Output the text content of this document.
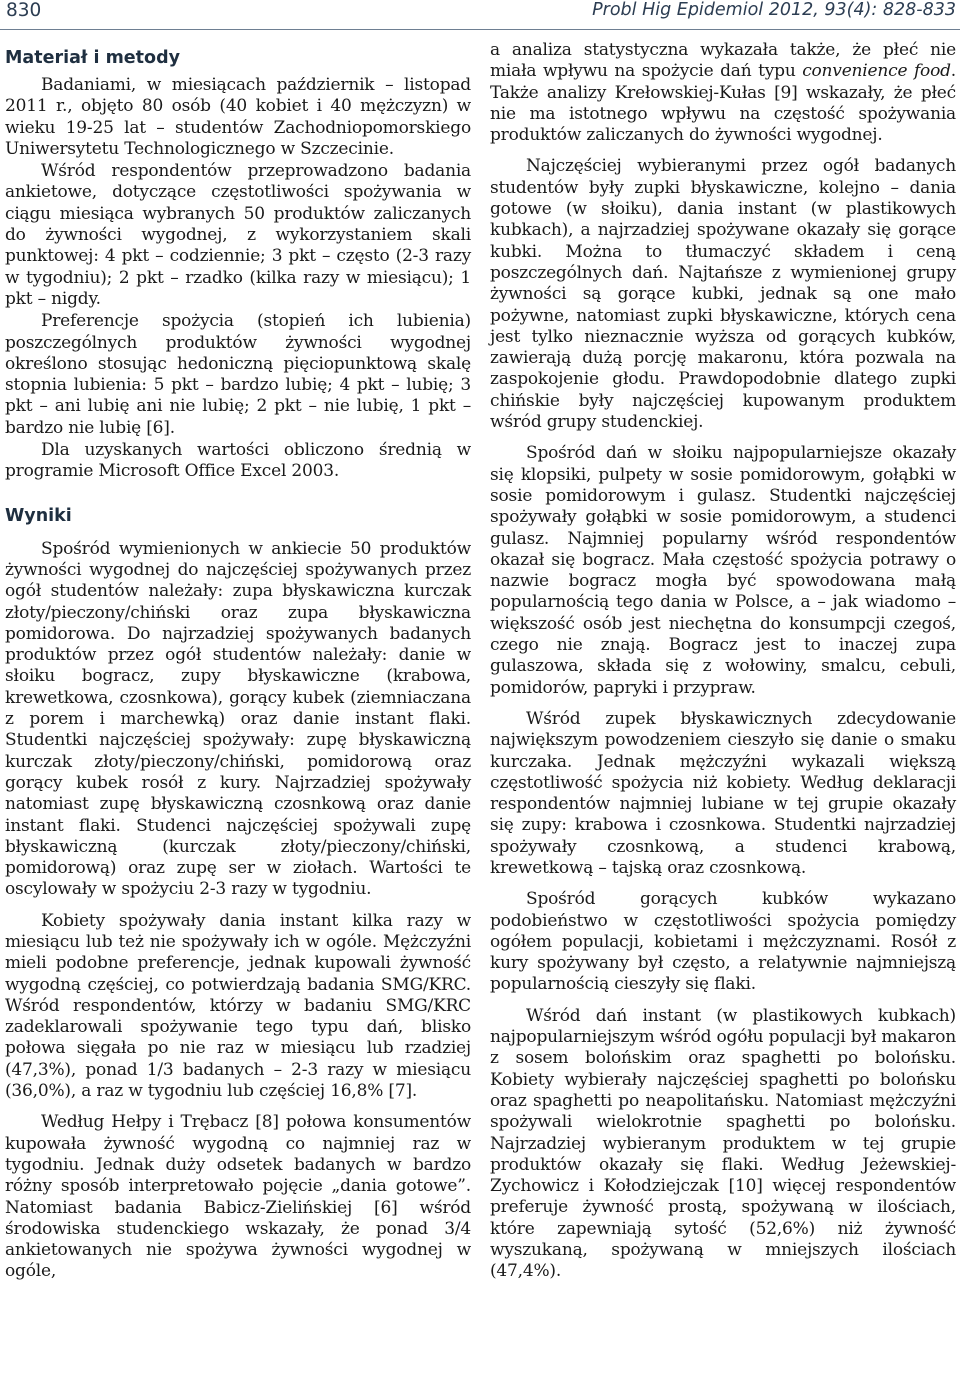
830	Probl Hig Epidemiol 2012, 93(4): 828-833
Materiał i metody

Badaniami, w miesiącach październik – listopad 2011 r., objęto 80 osób (40 kobiet i 40 mężczyzn) w wieku 19-25 lat – studentów Zachodniopomorskiego Uniwersytetu Technologicznego w Szczecinie.

Wśród respondentów przeprowadzono badania ankietowe, dotyczące częstotliwości spożywania w ciągu miesiąca wybranych 50 produktów zaliczanych do żywności wygodnej, z wykorzystaniem skali punktowej: 4 pkt – codziennie; 3 pkt – często (2-3 razy w tygodniu); 2 pkt – rzadko (kilka razy w miesiącu); 1 pkt – nigdy.

Preferencje spożycia (stopień ich lubienia) poszczególnych produktów żywności wygodnej określono stosując hedoniczną pięciopunktową skalę stopnia lubienia: 5 pkt – bardzo lubię; 4 pkt – lubię; 3 pkt – ani lubię ani nie lubię; 2 pkt – nie lubię, 1 pkt – bardzo nie lubię [6].

Dla uzyskanych wartości obliczono średnią w programie Microsoft Office Excel 2003.

Wyniki

Spośród wymienionych w ankiecie 50 produktów żywności wygodnej do najczęściej spożywanych przez ogół studentów należały: zupa błyskawiczna kurczak złoty/pieczony/chiński oraz zupa błyskawiczna pomidorowa. Do najrzadziej spożywanych badanych produktów przez ogół studentów należały: danie w słoiku bogracz, zupy błyskawiczne (krabowa, krewetkowa, czosnkowa), gorący kubek (ziemniaczana z porem i marchewką) oraz danie instant flaki. Studentki najczęściej spożywały: zupę błyskawiczną kurczak złoty/pieczony/chiński, pomidorową oraz gorący kubek rosół z kury. Najrzadziej spożywały natomiast zupę błyskawiczną czosnkową oraz danie instant flaki. Studenci najczęściej spożywali zupę błyskawiczną (kurczak złoty/pieczony/chiński, pomidorową) oraz zupę ser w ziołach. Wartości te oscylowały w spożyciu 2-3 razy w tygodniu.

Kobiety spożywały dania instant kilka razy w miesiącu lub też nie spożywały ich w ogóle. Mężczyźni mieli podobne preferencje, jednak kupowali żywność wygodną częściej, co potwierdzają badania SMG/KRC. Wśród respondentów, którzy w badaniu SMG/KRC zadeklarowali spożywanie tego typu dań, blisko połowa sięgała po nie raz w miesiącu lub rzadziej (47,3%), ponad 1/3 badanych – 2-3 razy w miesiącu (36,0%), a raz w tygodniu lub częściej 16,8% [7].

Według Hełpy i Trębacz [8] połowa konsumentów kupowała żywność wygodną co najmniej raz w tygodniu. Jednak duży odsetek badanych w bardzo różny sposób interpretowało pojęcie „dania gotowe”. Natomiast badania Babicz-Zielińskiej [6] wśród środowiska studenckiego wskazały, że ponad 3/4 ankietowanych nie spożywa żywności wygodnej w ogóle,

a analiza statystyczna wykazała także, że płeć nie miała wpływu na spożycie dań typu convenience food. Także analizy Krełowskiej-Kułas [9] wskazały, że płeć nie ma istotnego wpływu na częstość spożywania produktów zaliczanych do żywności wygodnej.

Najczęściej wybieranymi przez ogół badanych studentów były zupki błyskawiczne, kolejno – dania gotowe (w słoiku), dania instant (w plastikowych kubkach), a najrzadziej spożywane okazały się gorące kubki. Można to tłumaczyć składem i ceną poszczególnych dań. Najtańsze z wymienionej grupy żywności są gorące kubki, jednak są one mało pożywne, natomiast zupki błyskawiczne, których cena jest tylko nieznacznie wyższa od gorących kubków, zawierają dużą porcję makaronu, która pozwala na zaspokojenie głodu. Prawdopodobnie dlatego zupki chińskie były najczęściej kupowanym produktem wśród grupy studenckiej.

Spośród dań w słoiku najpopularniejsze okazały się klopsiki, pulpety w sosie pomidorowym, gołąbki w sosie pomidorowym i gulasz. Studentki najczęściej spożywały gołąbki w sosie pomidorowym, a studenci gulasz. Najmniej popularny wśród respondentów okazał się bogracz. Mała częstość spożycia potrawy o nazwie bogracz mogła być spowodowana małą popularnością tego dania w Polsce, a – jak wiadomo – większość osób jest niechętna do konsumpcji czegoś, czego nie znają. Bogracz jest to inaczej zupa gulaszowa, składa się z wołowiny, smalcu, cebuli, pomidorów, papryki i przypraw.

Wśród zupek błyskawicznych zdecydowanie największym powodzeniem cieszyło się danie o smaku kurczaka. Jednak mężczyźni wykazali większą częstotliwość spożycia niż kobiety. Według deklaracji respondentów najmniej lubiane w tej grupie okazały się zupy: krabowa i czosnkowa. Studentki najrzadziej spożywały czosnkową, a studenci krabową, krewetkową – tajską oraz czosnkową.

Spośród gorących kubków wykazano podobieństwo w częstotliwości spożycia pomiędzy ogółem populacji, kobietami i mężczyznami. Rosół z kury spożywany był często, a relatywnie najmniejszą popularnością cieszyły się flaki.

Wśród dań instant (w plastikowych kubkach) najpopularniejszym wśród ogółu populacji był makaron z sosem bolońskim oraz spaghetti po bolońsku. Kobiety wybierały najczęściej spaghetti po bolońsku oraz spaghetti po neapolitańsku. Natomiast mężczyźni spożywali wielokrotnie spaghetti po bolońsku. Najrzadziej wybieranym produktem w tej grupie produktów okazały się flaki. Według Jeżewskiej-Zychowicz i Kołodziejczak [10] więcej respondentów preferuje żywność prostą, spożywaną w ilościach, które zapewniają sytość (52,6%) niż żywność wyszukaną, spożywaną w mniejszych ilościach (47,4%).
